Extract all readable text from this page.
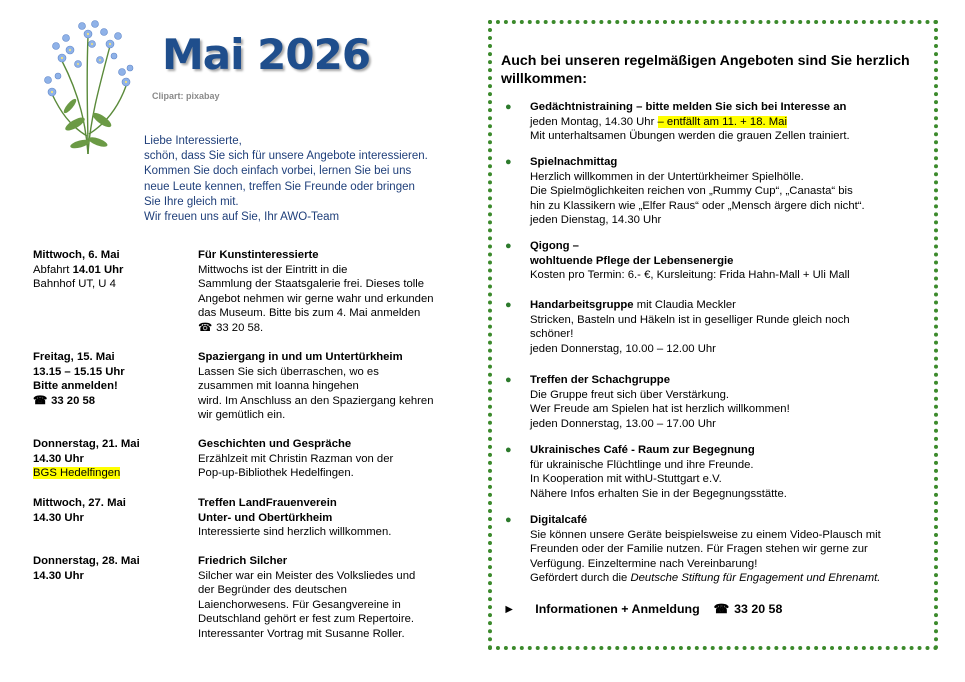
Mai 2026
Clipart: pixabay
Liebe Interessierte,
schön, dass Sie sich für unsere Angebote interessieren.
Kommen Sie doch einfach vorbei, lernen Sie bei uns
neue Leute kennen, treffen Sie Freunde oder bringen
Sie Ihre gleich mit.
Wir freuen uns auf Sie, Ihr AWO-Team
Mittwoch, 6. Mai
Abfahrt 14.01 Uhr
Bahnhof UT, U 4
Für Kunstinteressierte
Mittwochs ist der Eintritt in die
Sammlung der Staatsgalerie frei. Dieses tolle
Angebot nehmen wir gerne wahr und erkunden
das Museum. Bitte bis zum 4. Mai anmelden
☎ 33 20 58.
Freitag, 15. Mai
13.15 – 15.15 Uhr
Bitte anmelden!
☎ 33 20 58
Spaziergang in und um Untertürkheim
Lassen Sie sich überraschen, wo es
zusammen mit Ioanna hingehen
wird. Im Anschluss an den Spaziergang kehren
wir gemütlich ein.
Donnerstag, 21. Mai
14.30 Uhr
BGS Hedelfingen
Geschichten und Gespräche
Erzählzeit mit Christin Razman von der
Pop-up-Bibliothek Hedelfingen.
Mittwoch, 27. Mai
14.30 Uhr
Treffen LandFrauenverein
Unter- und Obertürkheim
Interessierte sind herzlich willkommen.
Donnerstag, 28. Mai
14.30 Uhr
Friedrich Silcher
Silcher war ein Meister des Volksliedes und
der Begründer des deutschen
Laienchorwesens. Für Gesangvereine in
Deutschland gehört er fest zum Repertoire.
Interessanter Vortrag mit Susanne Roller.
Auch bei unseren regelmäßigen Angeboten sind Sie herzlich willkommen:
● Gedächtnistraining – bitte melden Sie sich bei Interesse an
jeden Montag, 14.30 Uhr – entfällt am 11. + 18. Mai
Mit unterhaltsamen Übungen werden die grauen Zellen trainiert.
● Spielnachmittag
Herzlich willkommen in der Untertürkheimer Spielhölle.
Die Spielmöglichkeiten reichen von „Rummy Cup“, „Canasta“ bis
hin zu Klassikern wie „Elfer Raus“ oder „Mensch ärgere dich nicht“.
jeden Dienstag, 14.30 Uhr
● Qigong –
wohltuende Pflege der Lebensenergie
Kosten pro Termin: 6.- €, Kursleitung: Frida Hahn-Mall + Uli Mall
● Handarbeitsgruppe mit Claudia Meckler
Stricken, Basteln und Häkeln ist in geselliger Runde gleich noch
schöner!
jeden Donnerstag, 10.00 – 12.00 Uhr
● Treffen der Schachgruppe
Die Gruppe freut sich über Verstärkung.
Wer Freude am Spielen hat ist herzlich willkommen!
jeden Donnerstag, 13.00 – 17.00 Uhr
● Ukrainisches Café - Raum zur Begegnung
für ukrainische Flüchtlinge und ihre Freunde.
In Kooperation mit withU-Stuttgart e.V.
Nähere Infos erhalten Sie in der Begegnungsstätte.
● Digitalcafé
Sie können unsere Geräte beispielsweise zu einem Video-Plausch mit
Freunden oder der Familie nutzen. Für Fragen stehen wir gerne zur
Verfügung. Einzeltermine nach Vereinbarung!
Gefördert durch die Deutsche Stiftung für Engagement und Ehrenamt.
► Informationen + Anmeldung☎	33 20 58
